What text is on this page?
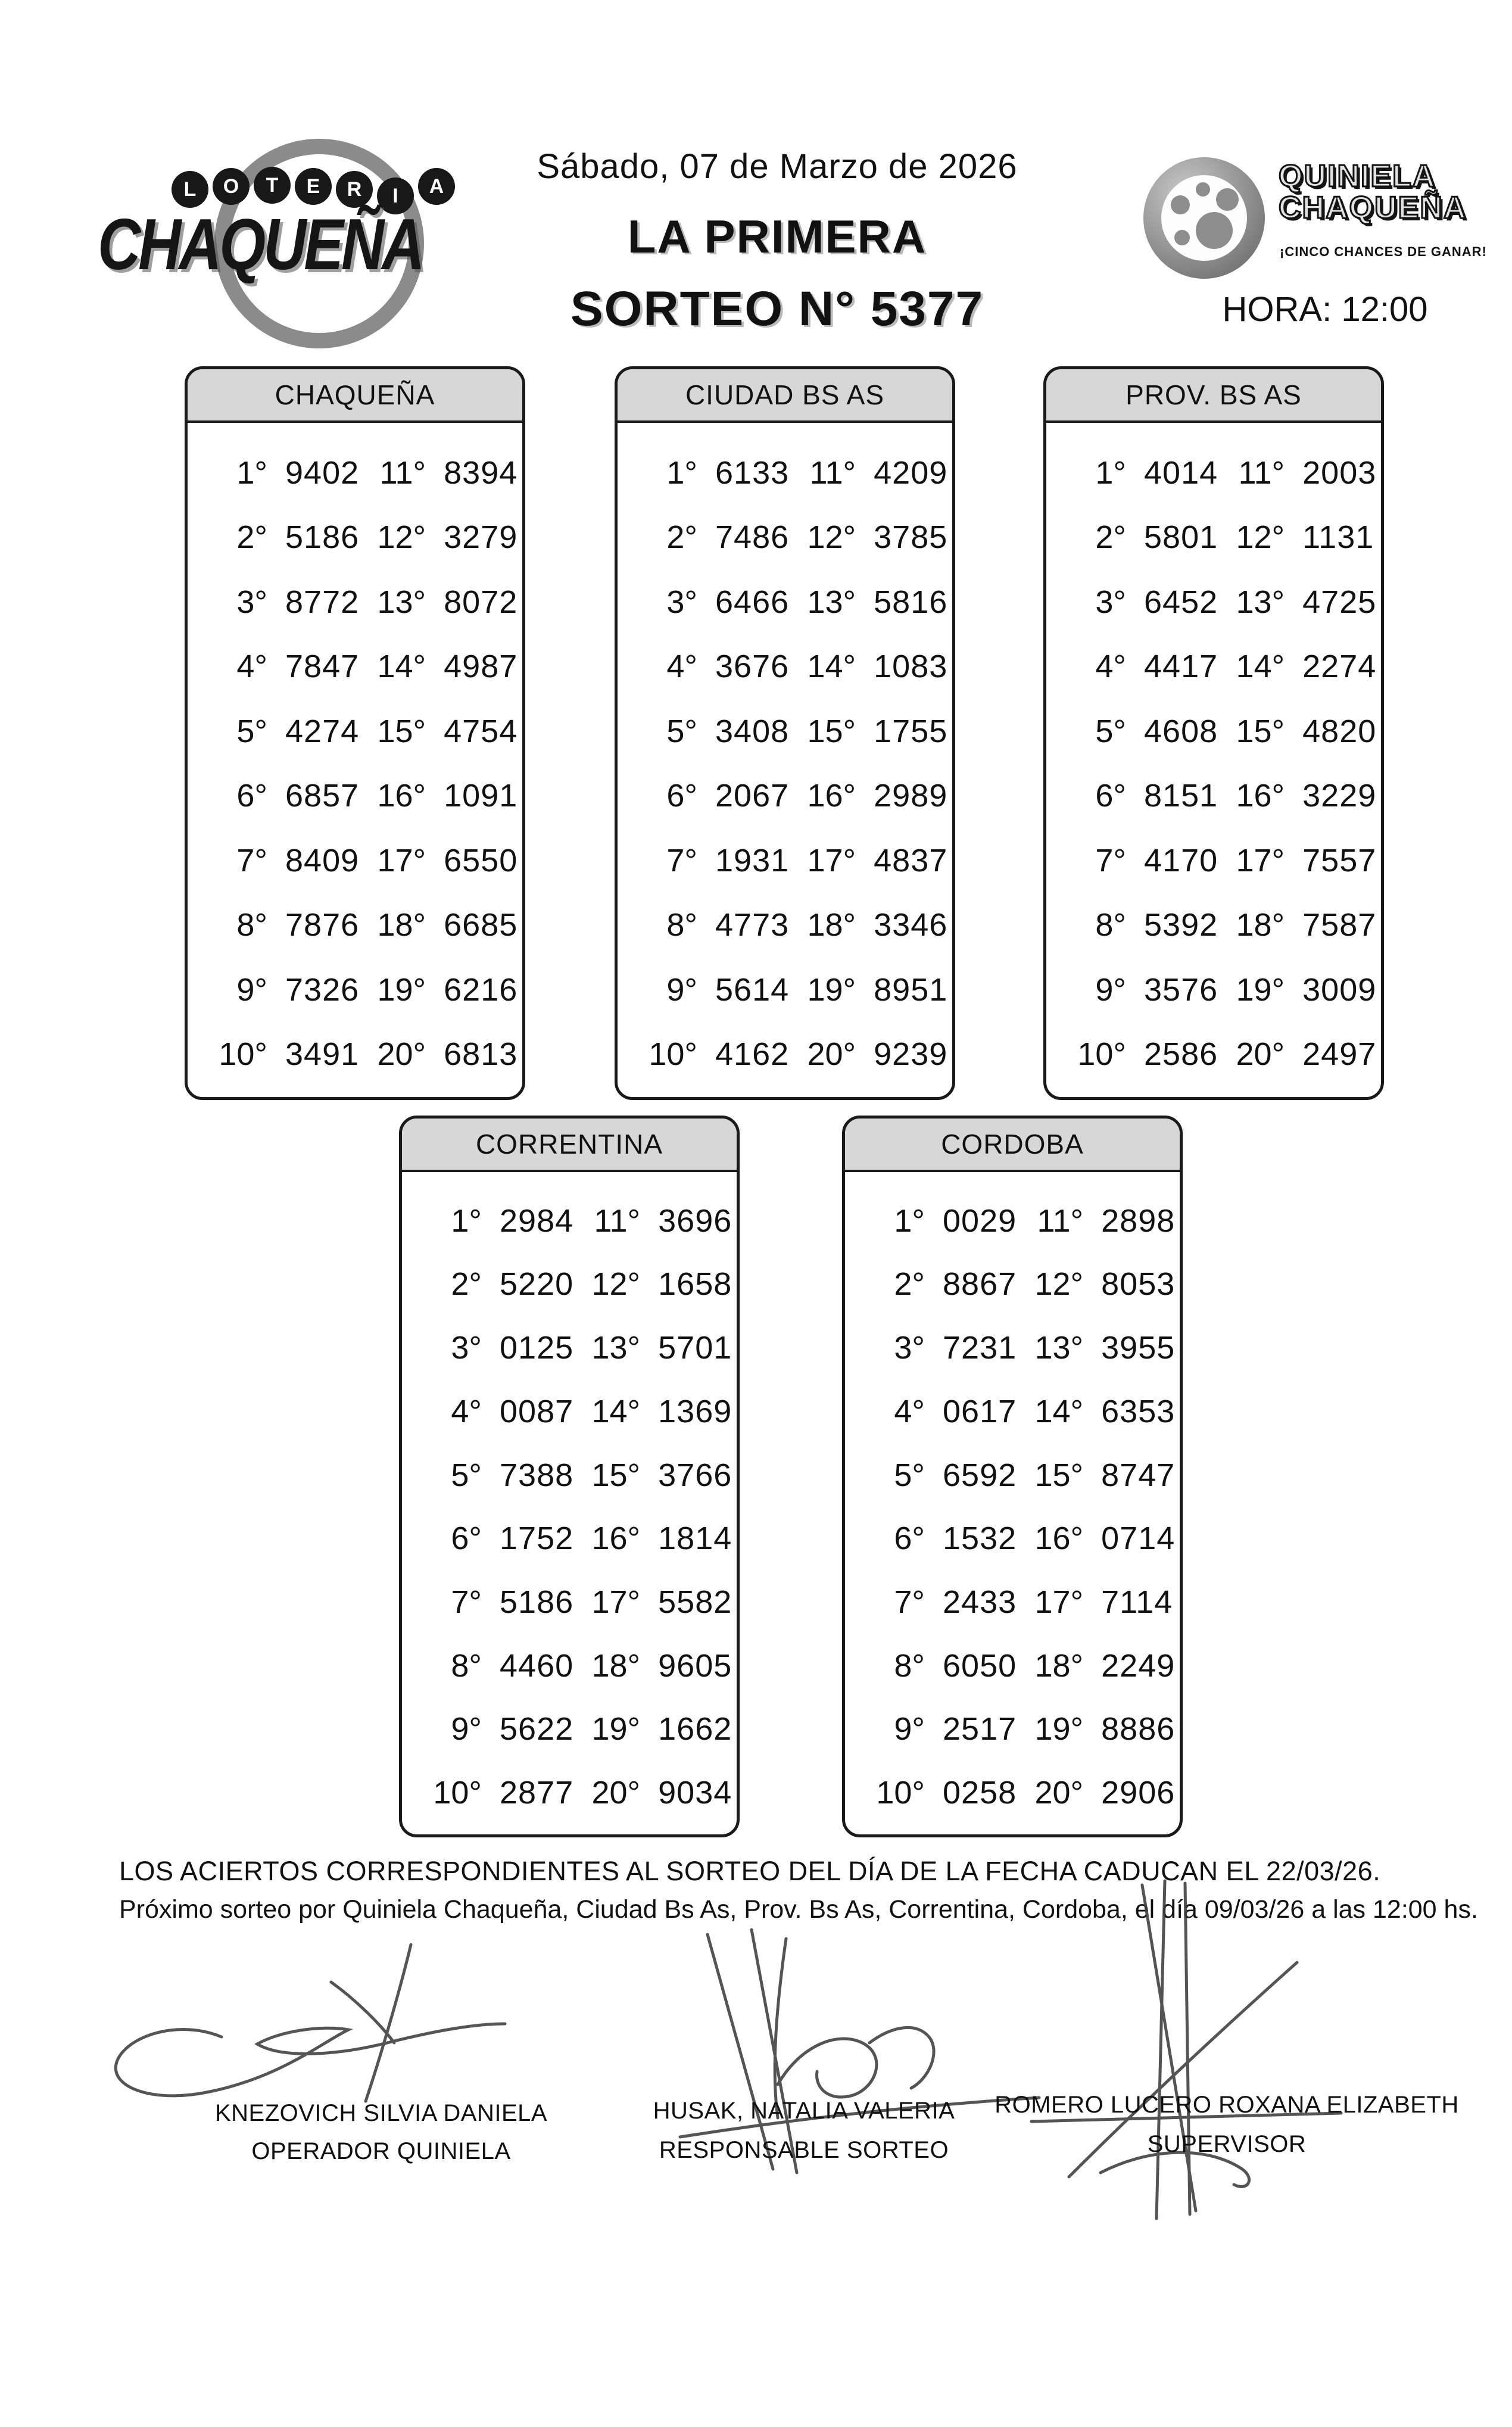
L	O	T	E	R	I	A
CHAQUEÑA
Sábado, 07 de Marzo de 2026
LA PRIMERA
SORTEO N° 5377
QUINIELA
CHAQUEÑA
¡CINCO CHANCES DE GANAR!
HORA: 12:00
CHAQUEÑA
1° 9402 11° 8394
2° 5186 12° 3279
3° 8772 13° 8072
4° 7847 14° 4987
5° 4274 15° 4754
6° 6857 16° 1091
7° 8409 17° 6550
8° 7876 18° 6685
9° 7326 19° 6216
10° 3491 20° 6813
CIUDAD BS AS
1° 6133 11° 4209
2° 7486 12° 3785
3° 6466 13° 5816
4° 3676 14° 1083
5° 3408 15° 1755
6° 2067 16° 2989
7° 1931 17° 4837
8° 4773 18° 3346
9° 5614 19° 8951
10° 4162 20° 9239
PROV. BS AS
1° 4014 11° 2003
2° 5801 12° 1131
3° 6452 13° 4725
4° 4417 14° 2274
5° 4608 15° 4820
6° 8151 16° 3229
7° 4170 17° 7557
8° 5392 18° 7587
9° 3576 19° 3009
10° 2586 20° 2497
CORRENTINA
1° 2984 11° 3696
2° 5220 12° 1658
3° 0125 13° 5701
4° 0087 14° 1369
5° 7388 15° 3766
6° 1752 16° 1814
7° 5186 17° 5582
8° 4460 18° 9605
9° 5622 19° 1662
10° 2877 20° 9034
CORDOBA
1° 0029 11° 2898
2° 8867 12° 8053
3° 7231 13° 3955
4° 0617 14° 6353
5° 6592 15° 8747
6° 1532 16° 0714
7° 2433 17° 7114
8° 6050 18° 2249
9° 2517 19° 8886
10° 0258 20° 2906
LOS ACIERTOS CORRESPONDIENTES AL SORTEO DEL DÍA DE LA FECHA CADUCAN EL 22/03/26.
Próximo sorteo por Quiniela Chaqueña, Ciudad Bs As, Prov. Bs As, Correntina, Cordoba, el día 09/03/26 a las 12:00 hs.
KNEZOVICH SILVIA DANIELA
OPERADOR QUINIELA
HUSAK, NATALIA VALERIA
RESPONSABLE SORTEO
ROMERO LUCERO ROXANA ELIZABETH
SUPERVISOR
